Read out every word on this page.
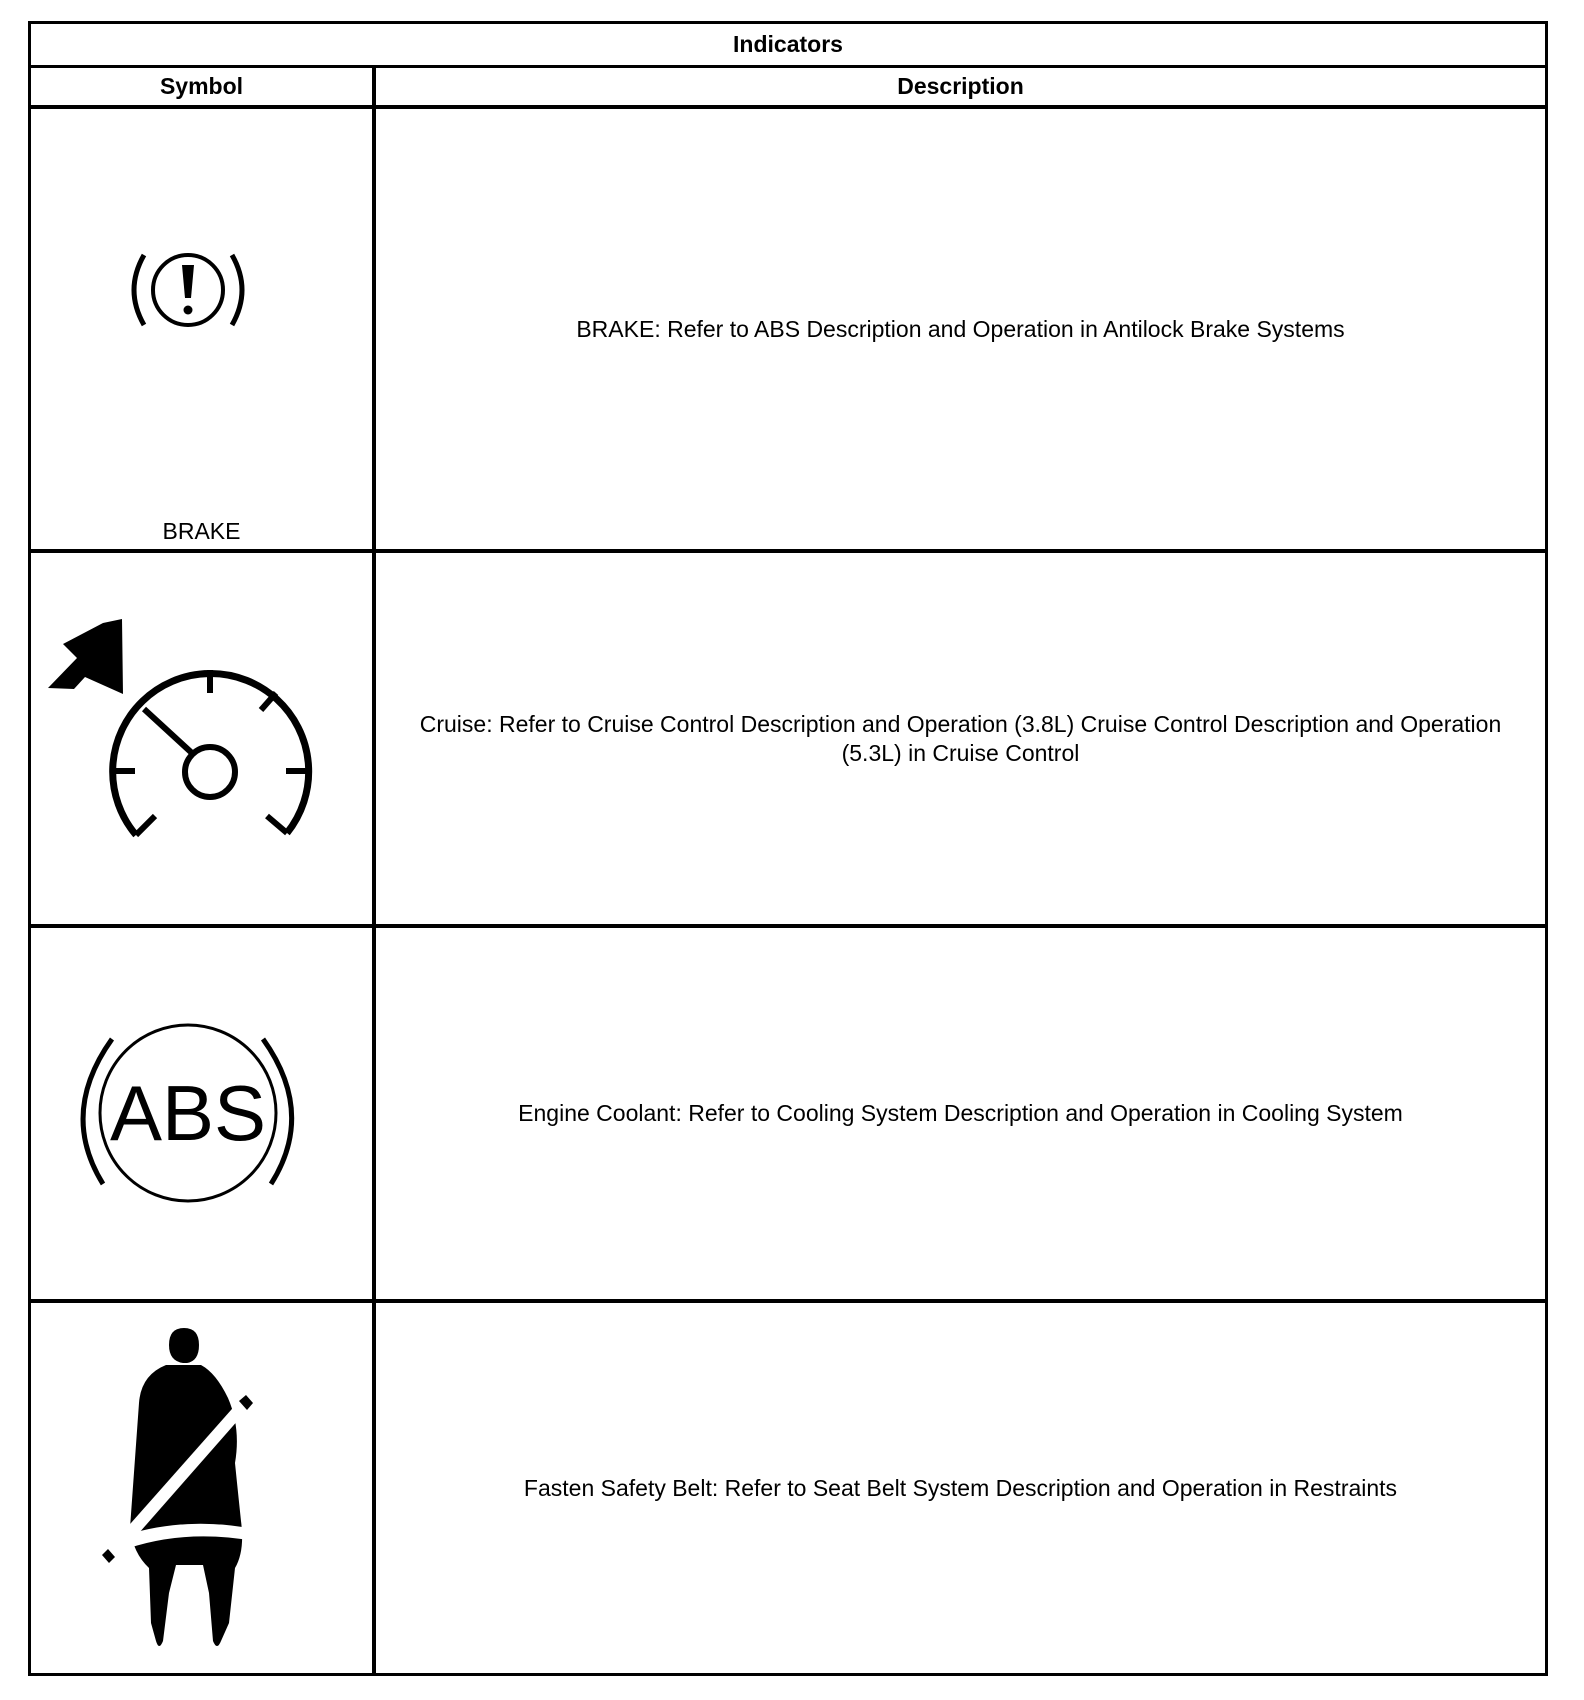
Indicators
Symbol	Description
BRAKE
BRAKE: Refer to ABS Description and Operation in Antilock Brake Systems
Cruise: Refer to Cruise Control Description and Operation (3.8L) Cruise Control Description and Operation (5.3L) in Cruise Control
ABS	Engine Coolant: Refer to Cooling System Description and Operation in Cooling System
Fasten Safety Belt: Refer to Seat Belt System Description and Operation in Restraints
